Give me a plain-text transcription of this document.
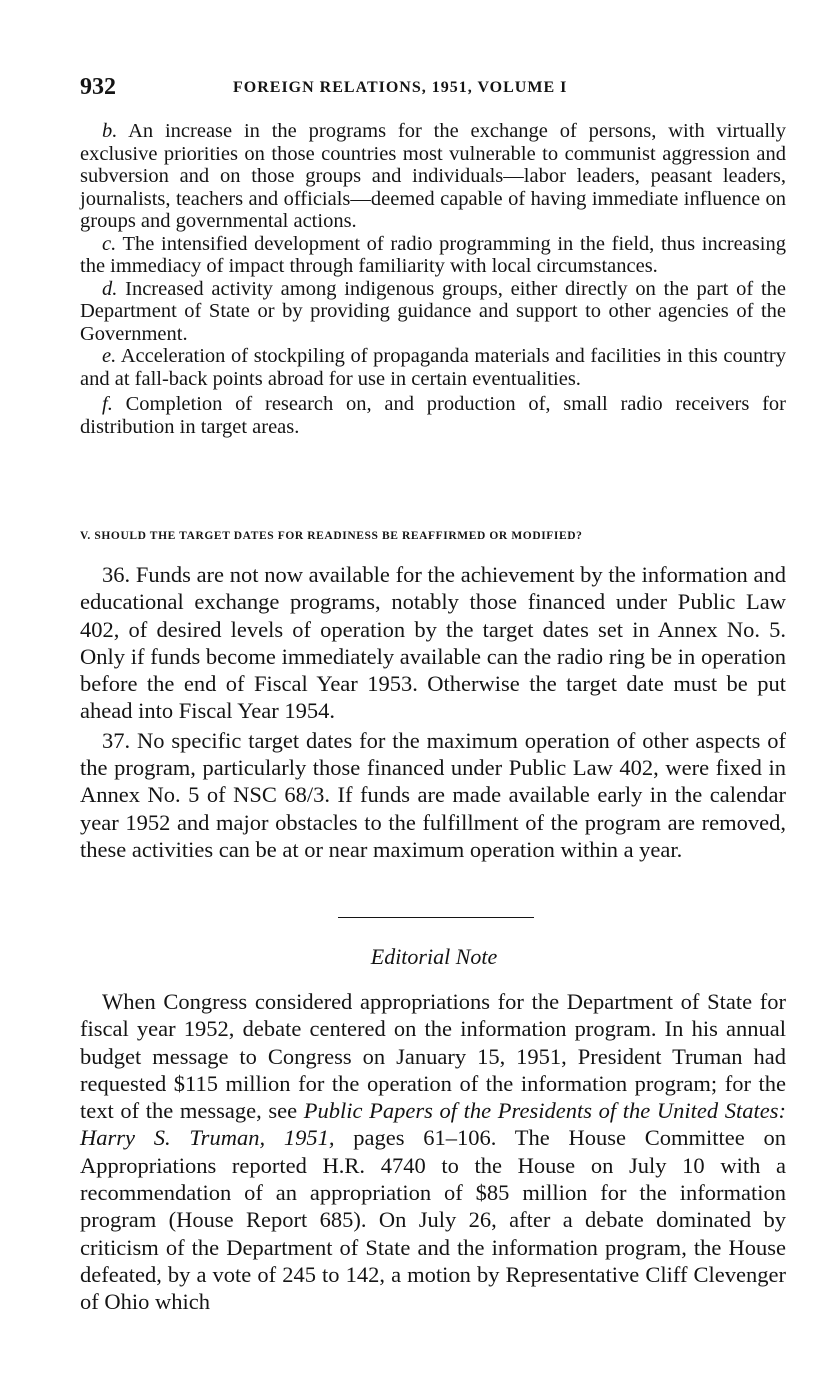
932	FOREIGN RELATIONS, 1951, VOLUME I

b. An increase in the programs for the exchange of persons, with virtually exclusive priorities on those countries most vulnerable to communist aggression and subversion and on those groups and individuals—labor leaders, peasant leaders, journalists, teachers and officials—deemed capable of having immediate influence on groups and governmental actions.

c. The intensified development of radio programming in the field, thus increasing the immediacy of impact through familiarity with local circumstances.

d. Increased activity among indigenous groups, either directly on the part of the Department of State or by providing guidance and support to other agencies of the Government.

e. Acceleration of stockpiling of propaganda materials and facilities in this country and at fall-back points abroad for use in certain eventualities.

f. Completion of research on, and production of, small radio receivers for distribution in target areas.

V. SHOULD THE TARGET DATES FOR READINESS BE REAFFIRMED OR MODIFIED?

36. Funds are not now available for the achievement by the information and educational exchange programs, notably those financed under Public Law 402, of desired levels of operation by the target dates set in Annex No. 5. Only if funds become immediately available can the radio ring be in operation before the end of Fiscal Year 1953. Otherwise the target date must be put ahead into Fiscal Year 1954.

37. No specific target dates for the maximum operation of other aspects of the program, particularly those financed under Public Law 402, were fixed in Annex No. 5 of NSC 68/3. If funds are made available early in the calendar year 1952 and major obstacles to the fulfillment of the program are removed, these activities can be at or near maximum operation within a year.

Editorial Note

When Congress considered appropriations for the Department of State for fiscal year 1952, debate centered on the information program. In his annual budget message to Congress on January 15, 1951, President Truman had requested $115 million for the operation of the information program; for the text of the message, see Public Papers of the Presidents of the United States: Harry S. Truman, 1951, pages 61–106. The House Committee on Appropriations reported H.R. 4740 to the House on July 10 with a recommendation of an appropriation of $85 million for the information program (House Report 685). On July 26, after a debate dominated by criticism of the Department of State and the information program, the House defeated, by a vote of 245 to 142, a motion by Representative Cliff Clevenger of Ohio which
